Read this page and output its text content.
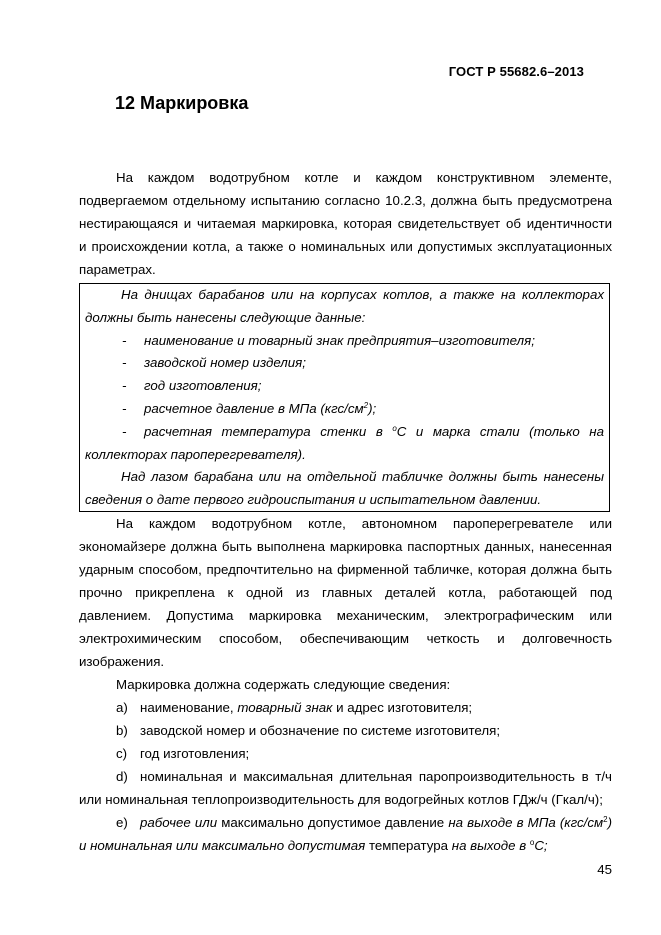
ГОСТ Р 55682.6–2013
12 Маркировка

На каждом водотрубном котле и каждом конструктивном элементе,

подвергаемом отдельному испытанию согласно 10.2.3, должна быть предусмотрена

нестирающаяся и читаемая маркировка, которая свидетельствует об идентичности

и происхождении котла, а также о номинальных или допустимых эксплуатационных

параметрах.

На днищах барабанов или на корпусах котлов, а также на коллекторах

должны быть нанесены следующие данные:

- наименование и товарный знак предприятия–изготовителя;

- заводской номер изделия;

- год изготовления;

- расчетное давление в МПа $(кгс/см^2)$;

- расчетная температура стенки в $^о$С и марка стали (только на

коллекторах пароперегревателя).

Над лазом барабана или на отдельной табличке должны быть нанесены

сведения о дате первого гидроиспытания и испытательном давлении.

На каждом водотрубном котле, автономном пароперегревателе или

экономайзере должна быть выполнена маркировка паспортных данных, нанесенная

ударным способом, предпочтительно на фирменной табличке, которая должна быть

прочно прикреплена к одной из главных деталей котла, работающей под

давлением. Допустима маркировка механическим, электрографическим или

электрохимическим способом, обеспечивающим четкость и долговечность

изображения.

Маркировка должна содержать следующие сведения:

a) наименование, товарный знак и адрес изготовителя;

b) заводской номер и обозначение по системе изготовителя;

c) год изготовления;

d) номинальная и максимальная длительная паропроизводительность в т/ч

или номинальная теплопроизводительность для водогрейных котлов ГДж/ч (Гкал/ч);

e) рабочее или максимально допустимое давление на выходе в МПа $(кгс/см^2)$

и номинальная или максимально допустимая температура на выходе в $^о$С;

45
